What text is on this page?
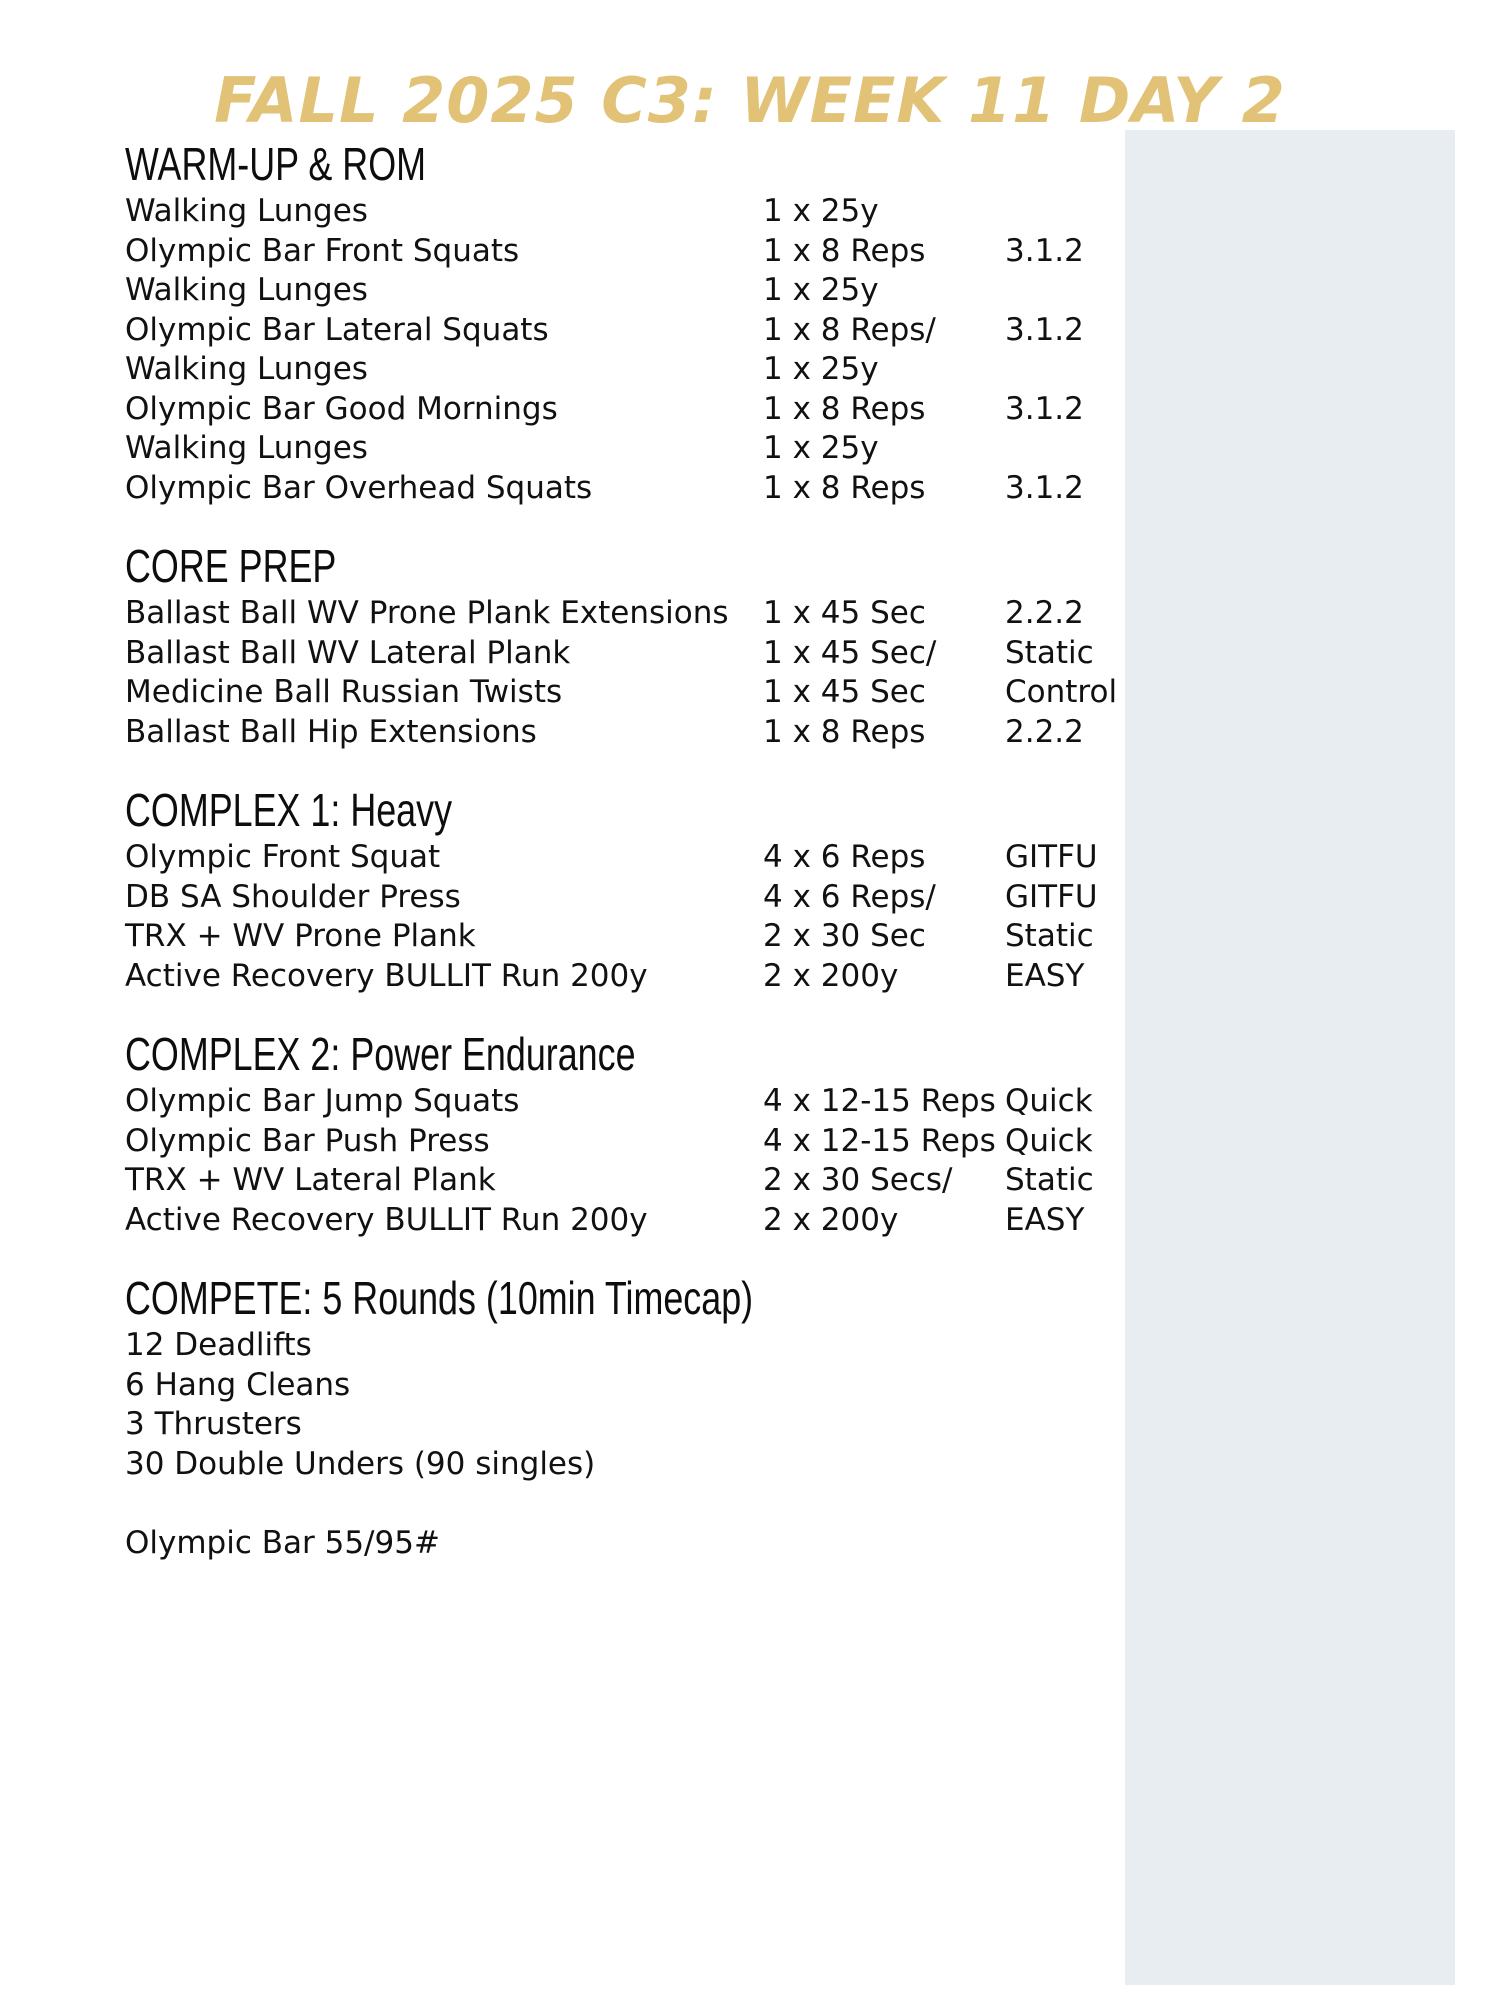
FALL 2025 C3: WEEK 11 DAY 2
WARM-UP & ROM
Walking Lunges	1 x 25y
Olympic Bar Front Squats	1 x 8 Reps	3.1.2
Walking Lunges	1 x 25y
Olympic Bar Lateral Squats	1 x 8 Reps/ 3.1.2
Walking Lunges	1 x 25y
Olympic Bar Good Mornings	1 x 8 Reps	3.1.2
Walking Lunges	1 x 25y
Olympic Bar Overhead Squats	1 x 8 Reps	3.1.2
CORE PREP
Ballast Ball WV Prone Plank Extensions 1 x 45 Sec	2.2.2
Ballast Ball WV Lateral Plank	1 x 45 Sec/ Static
Medicine Ball Russian Twists	1 x 45 Sec	Control
Ballast Ball Hip Extensions	1 x 8 Reps	2.2.2
COMPLEX 1: Heavy
Olympic Front Squat	4 x 6 Reps	GITFU
DB SA Shoulder Press	4 x 6 Reps/ GITFU
TRX + WV Prone Plank	2 x 30 Sec	Static
Active Recovery BULLIT Run 200y	2 x 200y	EASY
COMPLEX 2: Power Endurance
Olympic Bar Jump Squats	4 x 12-15 Reps Quick
Olympic Bar Push Press	4 x 12-15 Reps Quick
TRX + WV Lateral Plank	2 x 30 Secs/ Static
Active Recovery BULLIT Run 200y	2 x 200y	EASY
COMPETE: 5 Rounds (10min Timecap)
12 Deadlifts
6 Hang Cleans
3 Thrusters
30 Double Unders (90 singles)
Olympic Bar 55/95#
